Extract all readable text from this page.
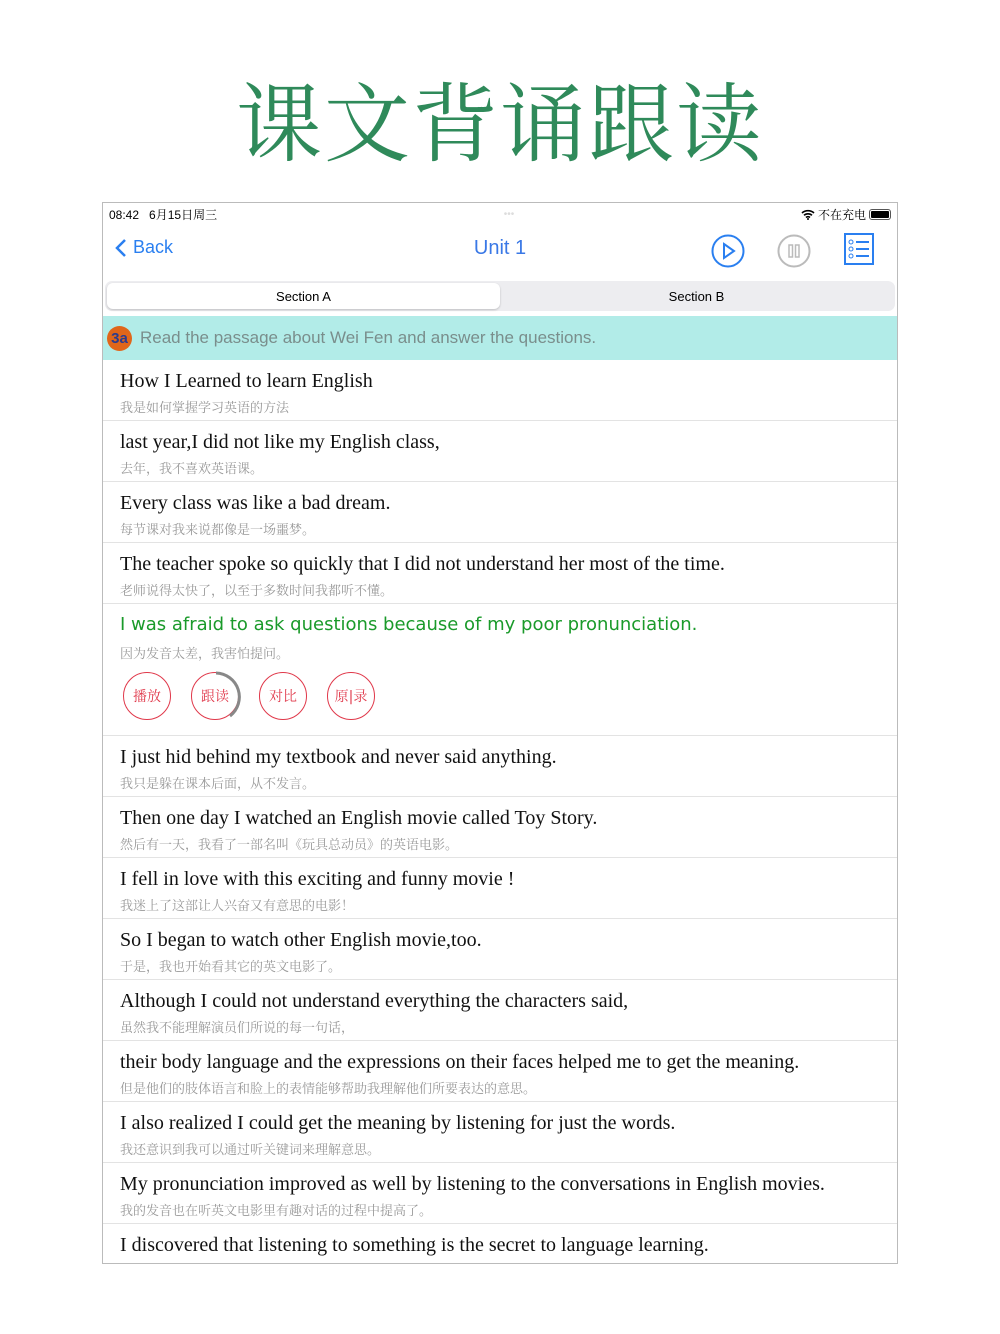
课文背诵跟读
08:42 6月15日周三	•••	不在充电
Back	Unit 1
Section A	Section B
3a Read the passage about Wei Fen and answer the questions.
How I Learned to learn English
我是如何掌握学习英语的方法
last year,I did not like my English class,
去年，我不喜欢英语课。
Every class was like a bad dream.
每节课对我来说都像是一场噩梦。
The teacher spoke so quickly that I did not understand her most of the time.
老师说得太快了，以至于多数时间我都听不懂。
I was afraid to ask questions because of my poor pronunciation.
因为发音太差，我害怕提问。
播放	跟读	对比	原|录
I just hid behind my textbook and never said anything.
我只是躲在课本后面，从不发言。
Then one day I watched an English movie called Toy Story.
然后有一天，我看了一部名叫《玩具总动员》的英语电影。
I fell in love with this exciting and funny movie !
我迷上了这部让人兴奋又有意思的电影！
So I began to watch other English movie,too.
于是，我也开始看其它的英文电影了。
Although I could not understand everything the characters said,
虽然我不能理解演员们所说的每一句话，
their body language and the expressions on their faces helped me to get the meaning.
但是他们的肢体语言和脸上的表情能够帮助我理解他们所要表达的意思。
I also realized I could get the meaning by listening for just the words.
我还意识到我可以通过听关键词来理解意思。
My pronunciation improved as well by listening to the conversations in English movies.
我的发音也在听英文电影里有趣对话的过程中提高了。
I discovered that listening to something is the secret to language learning.
